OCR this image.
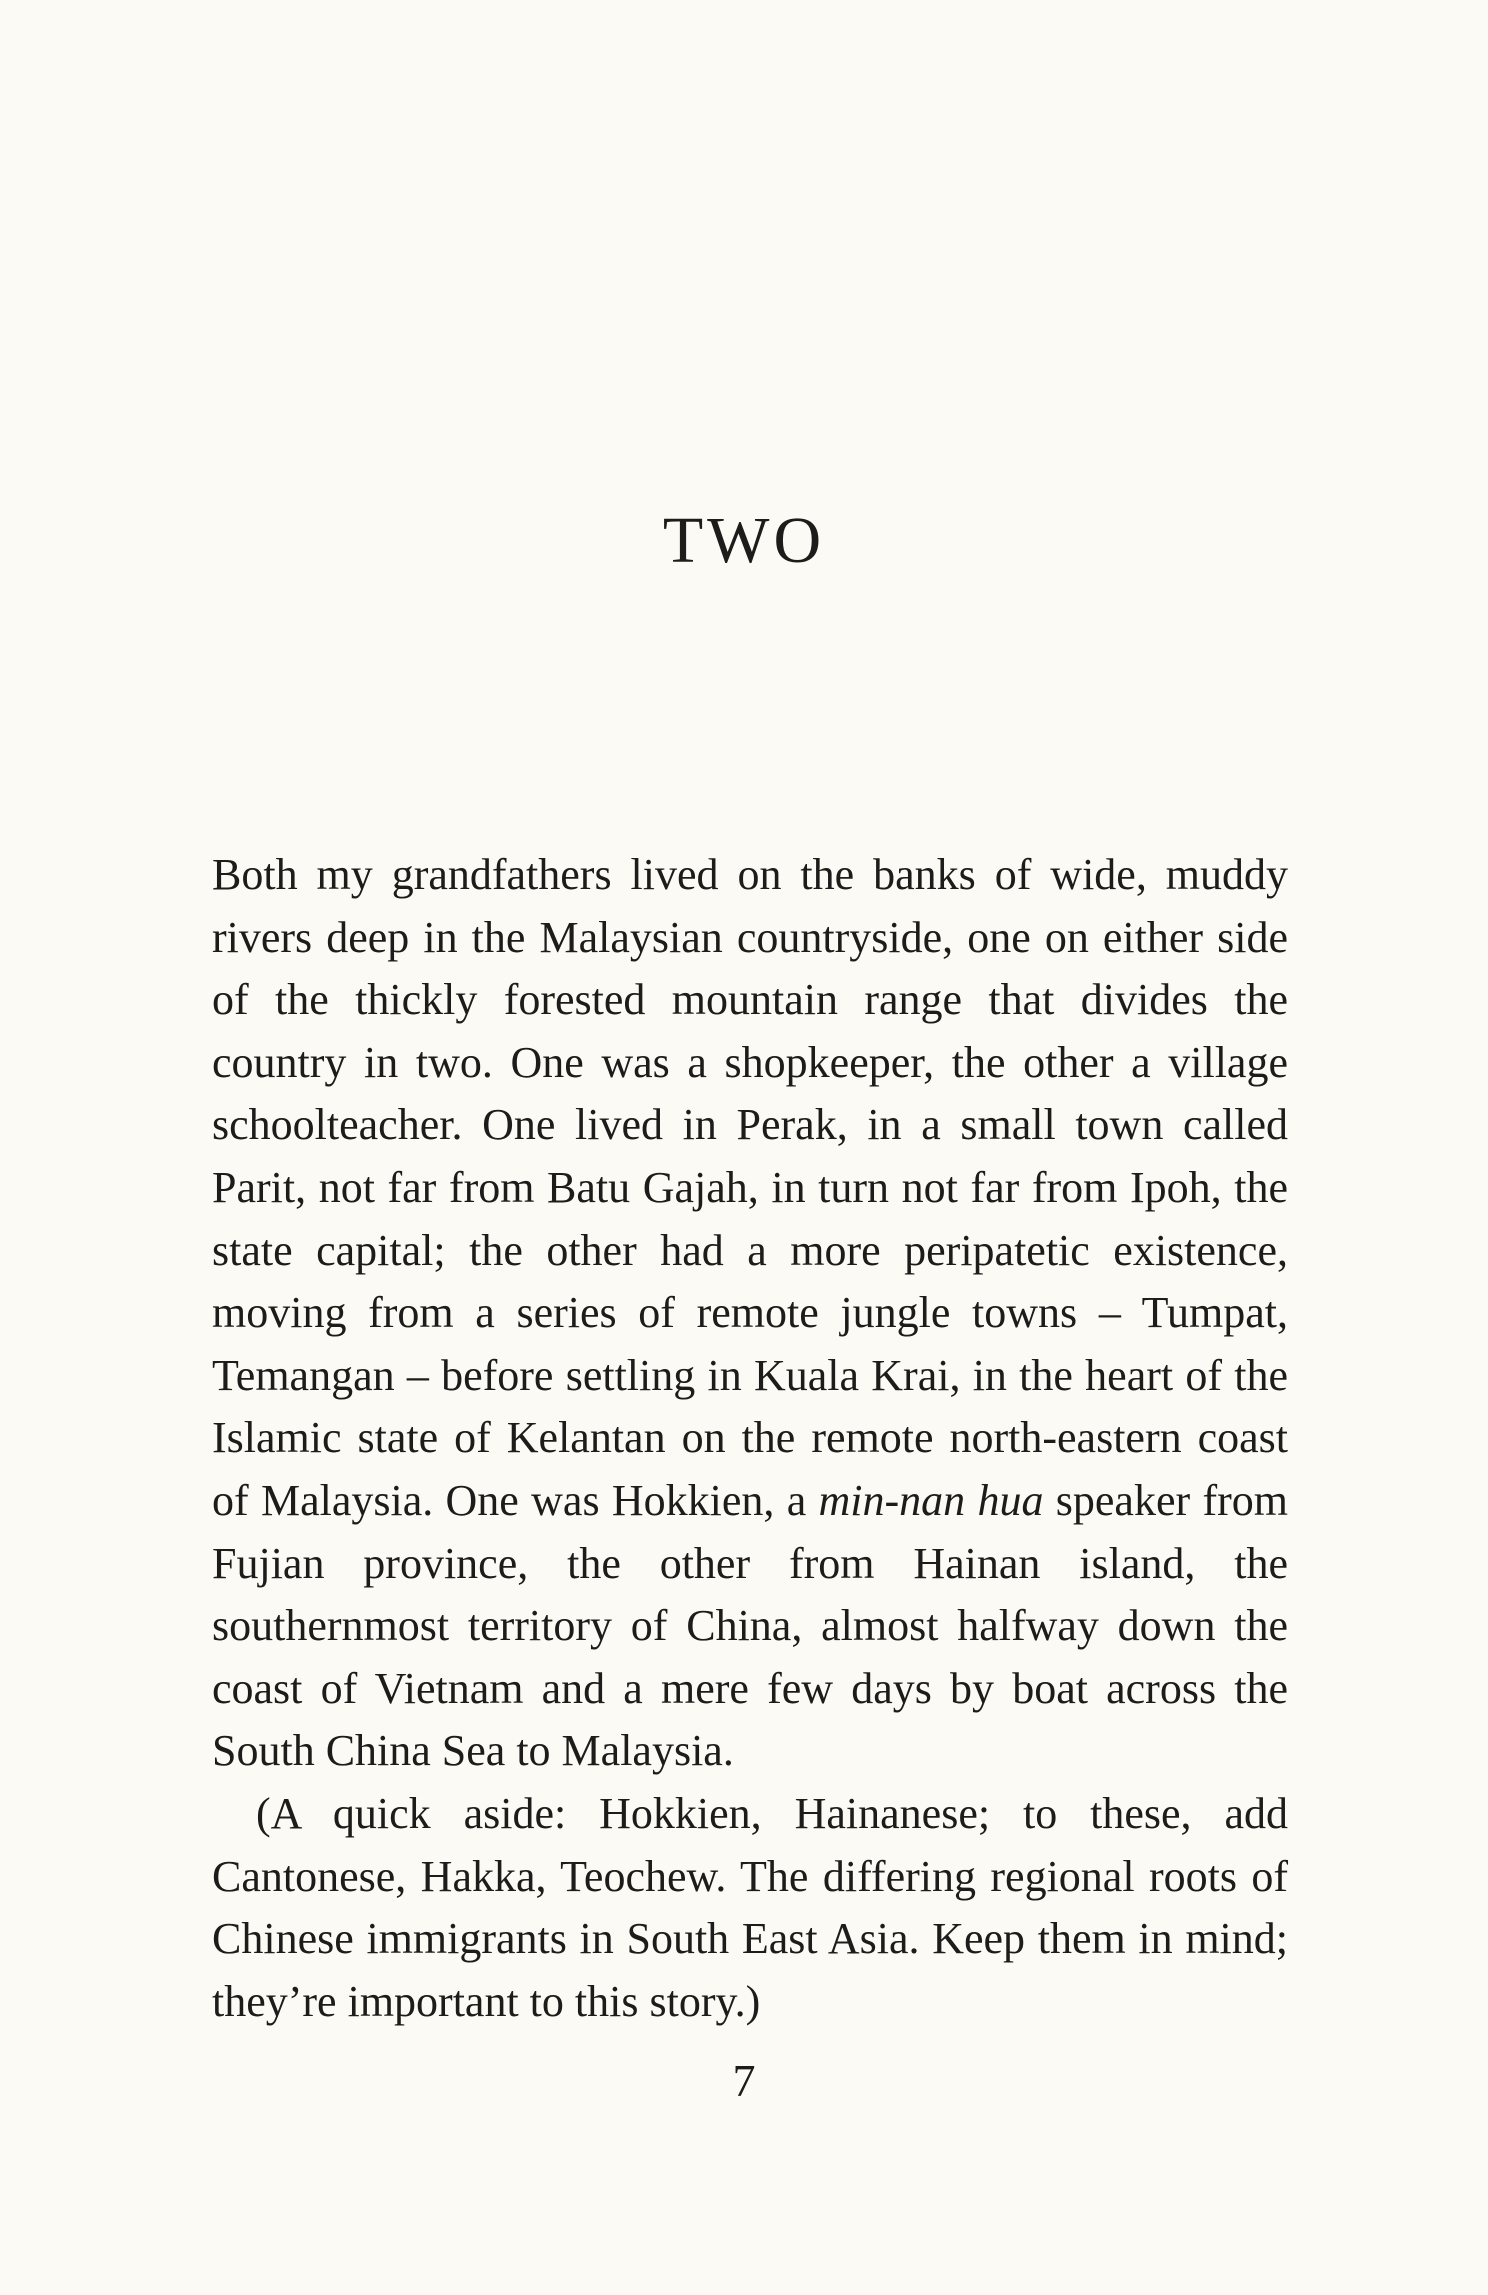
TWO

Both my grandfathers lived on the banks of wide, muddy rivers deep in the Malaysian countryside, one on either side of the thickly forested mountain range that divides the country in two. One was a shopkeeper, the other a village schoolteacher. One lived in Perak, in a small town called Parit, not far from Batu Gajah, in turn not far from Ipoh, the state capital; the other had a more peripatetic existence, moving from a series of remote jungle towns – Tumpat, Temangan – before settling in Kuala Krai, in the heart of the Islamic state of Kelantan on the remote north-eastern coast of Malaysia. One was Hokkien, a min-nan hua speaker from Fujian province, the other from Hainan island, the southernmost territory of China, almost halfway down the coast of Vietnam and a mere few days by boat across the South China Sea to Malaysia.

(A quick aside: Hokkien, Hainanese; to these, add Cantonese, Hakka, Teochew. The differing regional roots of Chinese immigrants in South East Asia. Keep them in mind; they’re important to this story.)

7
